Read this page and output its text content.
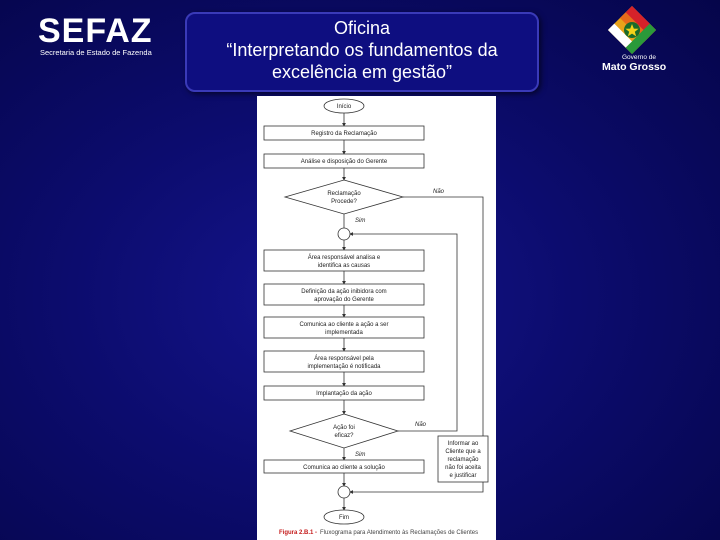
SEFAZ
Secretaria de Estado de Fazenda
Oficina
“Interpretando os fundamentos da
excelência em gestão”
Governo de
Mato Grosso
Início
Fim
Registro da Reclamação
Análise e disposição do Gerente
Área responsável analisa e
identifica as causas
Definição da ação inibidora com
aprovação do Gerente
Comunica ao cliente a ação a ser
implementada
Área responsável pela
implementação é notificada
Implantação da ação
Comunica ao cliente a solução
Reclamação
Procede?
Ação foi
eficaz?
Sim
Não
Sim
Não
Informar ao
Cliente que a
reclamação
não foi aceita
e justificar
Figura 2.B.1 - Fluxograma para Atendimento às Reclamações de Clientes
